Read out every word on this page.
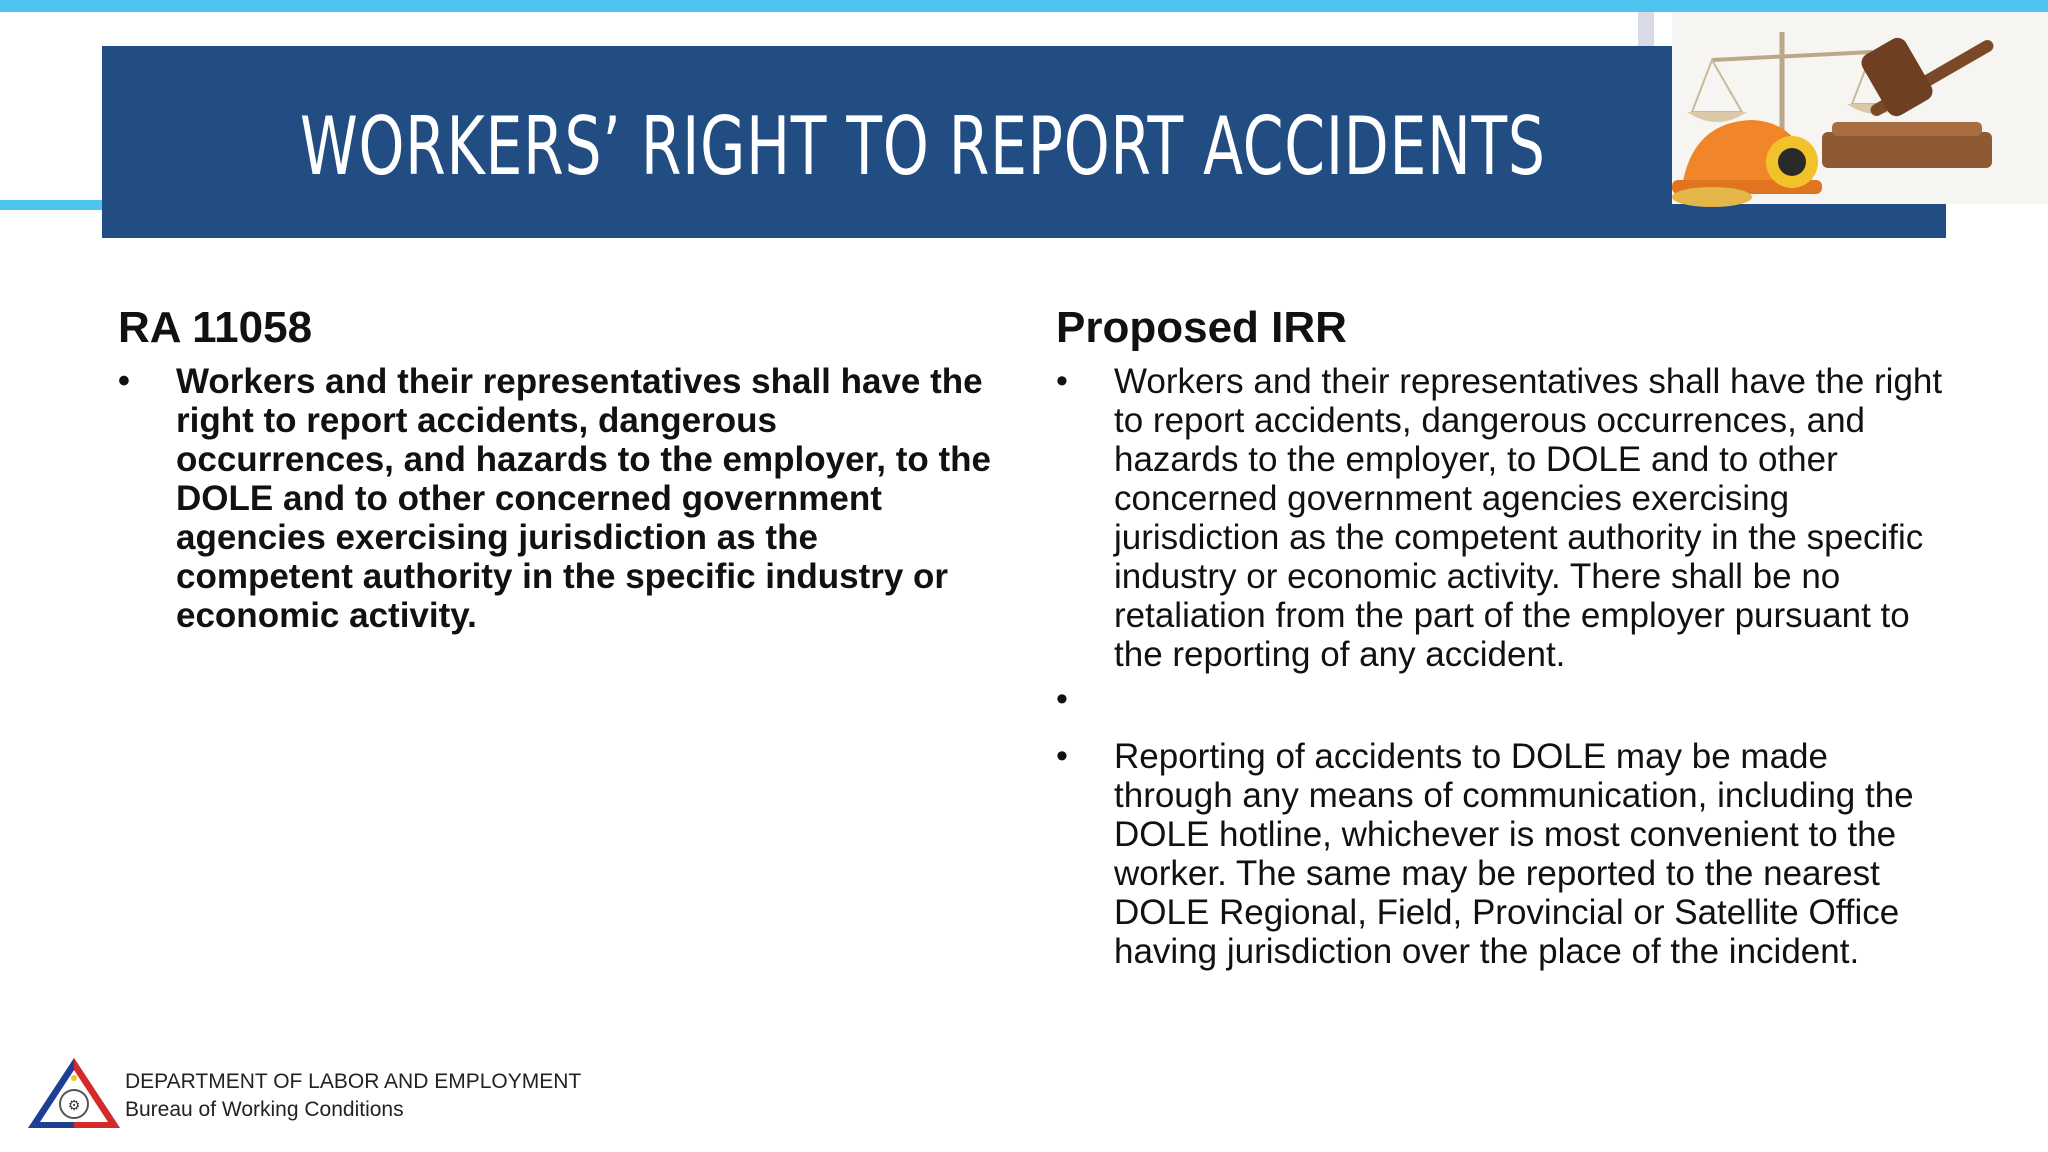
WORKERS’ RIGHT TO REPORT ACCIDENTS
RA 11058
• Workers and their representatives shall have the right to report accidents, dangerous occurrences, and hazards to the employer, to the DOLE and to other concerned government agencies exercising jurisdiction as the competent authority in the specific industry or economic activity.
Proposed IRR
• Workers and their representatives shall have the right to report accidents, dangerous occurrences, and hazards to the employer, to DOLE and to other concerned government agencies exercising jurisdiction as the competent authority in the specific industry or economic activity. There shall be no retaliation from the part of the employer pursuant to the reporting of any accident.
•
• Reporting of accidents to DOLE may be made through any means of communication, including the DOLE hotline, whichever is most convenient to the worker. The same may be reported to the nearest DOLE Regional, Field, Provincial or Satellite Office having jurisdiction over the place of the incident.
⚙
DEPARTMENT OF LABOR AND EMPLOYMENT
Bureau of Working Conditions
